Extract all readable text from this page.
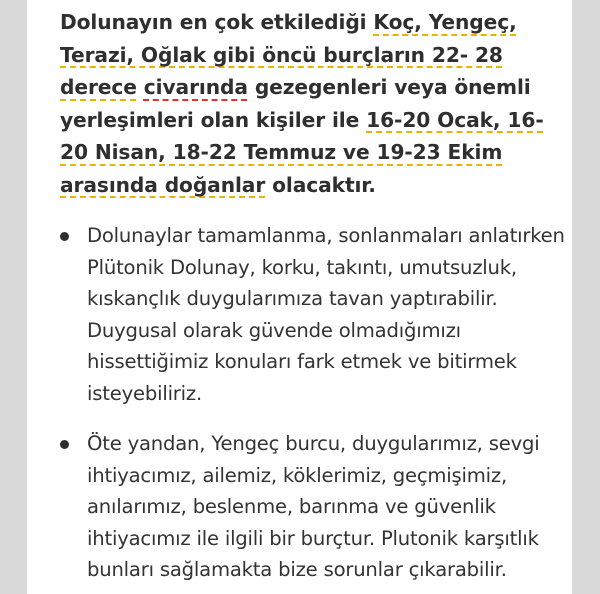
Dolunayın en çok etkilediği Koç, Yengeç, Terazi, Oğlak gibi öncü burçların 22- 28 derece civarında gezegenleri veya önemli yerleşimleri olan kişiler ile 16-20 Ocak, 16-20 Nisan, 18-22 Temmuz ve 19-23 Ekim arasında doğanlar olacaktır.

Dolunaylar tamamlanma, sonlanmaları anlatırken Plütonik Dolunay, korku, takıntı, umutsuzluk, kıskançlık duygularımıza tavan yaptırabilir. Duygusal olarak güvende olmadığımızı hissettiğimiz konuları fark etmek ve bitirmek isteyebiliriz.
Öte yandan, Yengeç burcu, duygularımız, sevgi ihtiyacımız, ailemiz, köklerimiz, geçmişimiz, anılarımız, beslenme, barınma ve güvenlik ihtiyacımız ile ilgili bir burçtur. Plutonik karşıtlık bunları sağlamakta bize sorunlar çıkarabilir.
